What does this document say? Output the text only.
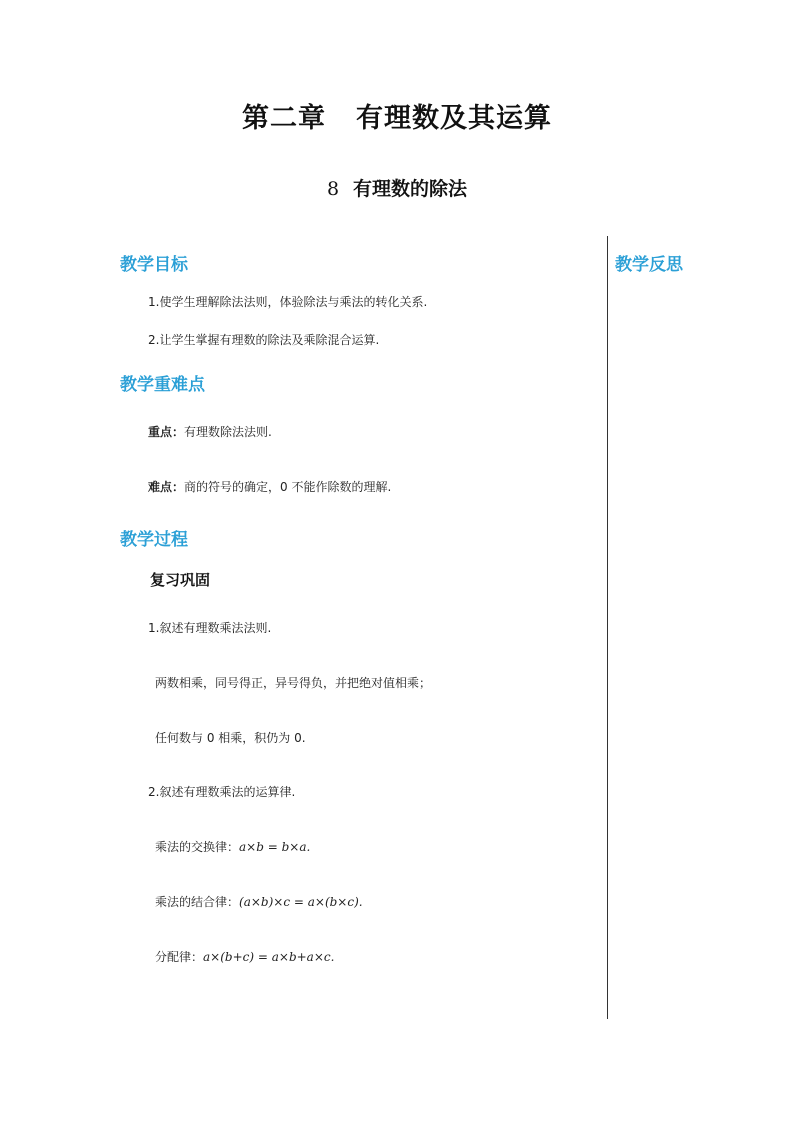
第二章 有理数及其运算
8 有理数的除法
教学反思
教学目标
1.使学生理解除法法则，体验除法与乘法的转化关系.
2.让学生掌握有理数的除法及乘除混合运算.
教学重难点
重点：有理数除法法则.
难点：商的符号的确定，0 不能作除数的理解.
教学过程
复习巩固
1.叙述有理数乘法法则.
两数相乘，同号得正，异号得负，并把绝对值相乘；
任何数与 0 相乘，积仍为 0.
2.叙述有理数乘法的运算律.
乘法的交换律：a×b = b×a.
乘法的结合律：(a×b)×c = a×(b×c).
分配律：a×(b+c) = a×b+a×c.
